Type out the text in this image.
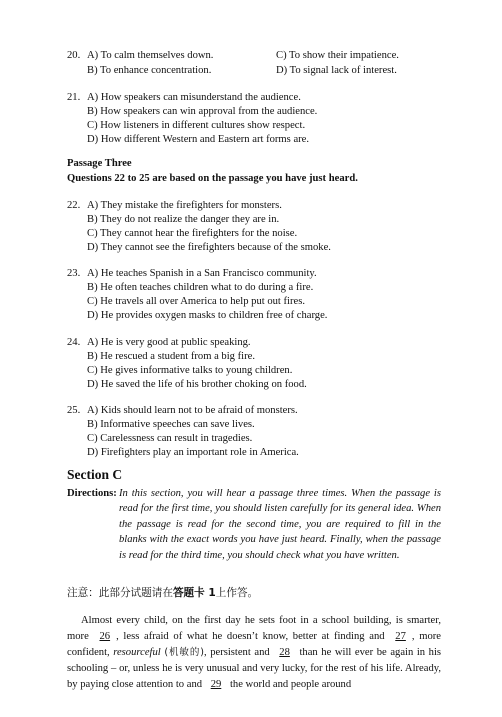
20. A) To calm themselves down.	C) To show their impatience.
B) To enhance concentration.	D) To signal lack of interest.
21. A) How speakers can misunderstand the audience.
B) How speakers can win approval from the audience.
C) How listeners in different cultures show respect.
D) How different Western and Eastern art forms are.
Passage Three
Questions 22 to 25 are based on the passage you have just heard.
22. A) They mistake the firefighters for monsters.
B) They do not realize the danger they are in.
C) They cannot hear the firefighters for the noise.
D) They cannot see the firefighters because of the smoke.
23. A) He teaches Spanish in a San Francisco community.
B) He often teaches children what to do during a fire.
C) He travels all over America to help put out fires.
D) He provides oxygen masks to children free of charge.
24. A) He is very good at public speaking.
B) He rescued a student from a big fire.
C) He gives informative talks to young children.
D) He saved the life of his brother choking on food.
25. A) Kids should learn not to be afraid of monsters.
B) Informative speeches can save lives.
C) Carelessness can result in tragedies.
D) Firefighters play an important role in America.
Section C
Directions: In this section, you will hear a passage three times. When the passage is read for the first time, you should listen carefully for its general idea. When the passage is read for the second time, you are required to fill in the blanks with the exact words you have just heard. Finally, when the passage is read for the third time, you should check what you have written.
注意：此部分试题请在答题卡 1上作答。
Almost every child, on the first day he sets foot in a school building, is smarter, more 26 , less afraid of what he doesn’t know, better at finding and 27 , more confident, resourceful (机敏的), persistent and 28 than he will ever be again in his schooling – or, unless he is very unusual and very lucky, for the rest of his life. Already, by paying close attention to and 29 the world and people around
